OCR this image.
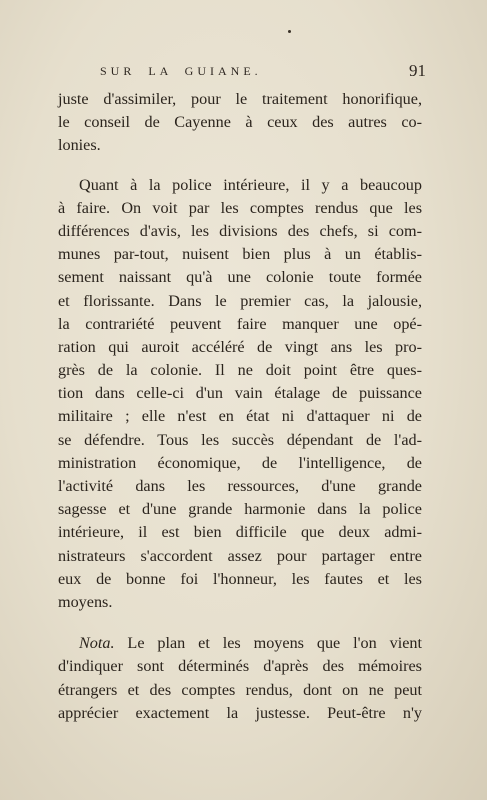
SUR LA GUIANE.	91
juste d'assimiler, pour le traitement honorifique,
le conseil de Cayenne à ceux des autres co-
lonies.
Quant à la police intérieure, il y a beaucoup
à faire. On voit par les comptes rendus que les
différences d'avis, les divisions des chefs, si com-
munes par-tout, nuisent bien plus à un établis-
sement naissant qu'à une colonie toute formée
et florissante. Dans le premier cas, la jalousie,
la contrariété peuvent faire manquer une opé-
ration qui auroit accéléré de vingt ans les pro-
grès de la colonie. Il ne doit point être ques-
tion dans celle-ci d'un vain étalage de puissance
militaire ; elle n'est en état ni d'attaquer ni de
se défendre. Tous les succès dépendant de l'ad-
ministration économique, de l'intelligence, de
l'activité dans les ressources, d'une grande
sagesse et d'une grande harmonie dans la police
intérieure, il est bien difficile que deux admi-
nistrateurs s'accordent assez pour partager entre
eux de bonne foi l'honneur, les fautes et les
moyens.
Nota. Le plan et les moyens que l'on vient
d'indiquer sont déterminés d'après des mémoires
étrangers et des comptes rendus, dont on ne peut
apprécier exactement la justesse. Peut-être n'y
